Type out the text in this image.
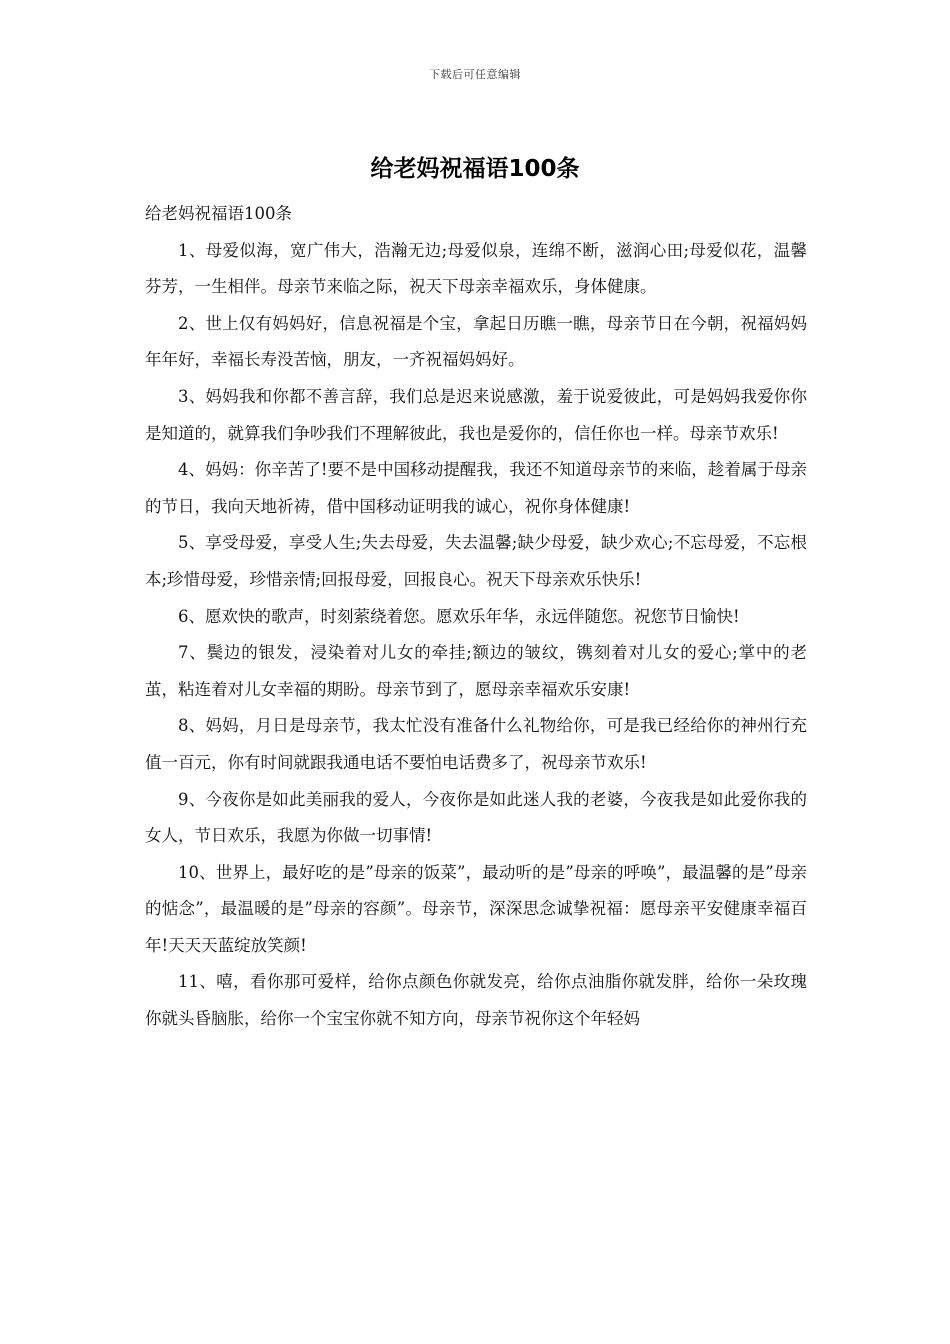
下载后可任意编辑
给老妈祝福语100条

给老妈祝福语100条

1、母爱似海，宽广伟大，浩瀚无边;母爱似泉，连绵不断，滋润心田;母爱似花，温馨芬芳，一生相伴。母亲节来临之际，祝天下母亲幸福欢乐，身体健康。

2、世上仅有妈妈好，信息祝福是个宝，拿起日历瞧一瞧，母亲节日在今朝，祝福妈妈年年好，幸福长寿没苦恼，朋友，一齐祝福妈妈好。

3、妈妈我和你都不善言辞，我们总是迟来说感激，羞于说爱彼此，可是妈妈我爱你你是知道的，就算我们争吵我们不理解彼此，我也是爱你的，信任你也一样。母亲节欢乐!

4、妈妈：你辛苦了!要不是中国移动提醒我，我还不知道母亲节的来临，趁着属于母亲的节日，我向天地祈祷，借中国移动证明我的诚心，祝你身体健康!

5、享受母爱，享受人生;失去母爱，失去温馨;缺少母爱，缺少欢心;不忘母爱，不忘根本;珍惜母爱，珍惜亲情;回报母爱，回报良心。祝天下母亲欢乐快乐!

6、愿欢快的歌声，时刻萦绕着您。愿欢乐年华，永远伴随您。祝您节日愉快!

7、鬓边的银发，浸染着对儿女的牵挂;额边的皱纹，镌刻着对儿女的爱心;掌中的老茧，粘连着对儿女幸福的期盼。母亲节到了，愿母亲幸福欢乐安康!

8、妈妈，月日是母亲节，我太忙没有准备什么礼物给你，可是我已经给你的神州行充值一百元，你有时间就跟我通电话不要怕电话费多了，祝母亲节欢乐!

9、今夜你是如此美丽我的爱人，今夜你是如此迷人我的老婆，今夜我是如此爱你我的女人，节日欢乐，我愿为你做一切事情!

10、世界上，最好吃的是”母亲的饭菜”，最动听的是”母亲的呼唤”，最温馨的是”母亲的惦念”，最温暖的是”母亲的容颜”。母亲节，深深思念诚挚祝福：愿母亲平安健康幸福百年!天天天蓝绽放笑颜!

11、嘻，看你那可爱样，给你点颜色你就发亮，给你点油脂你就发胖，给你一朵玫瑰你就头昏脑胀，给你一个宝宝你就不知方向，母亲节祝你这个年轻妈
